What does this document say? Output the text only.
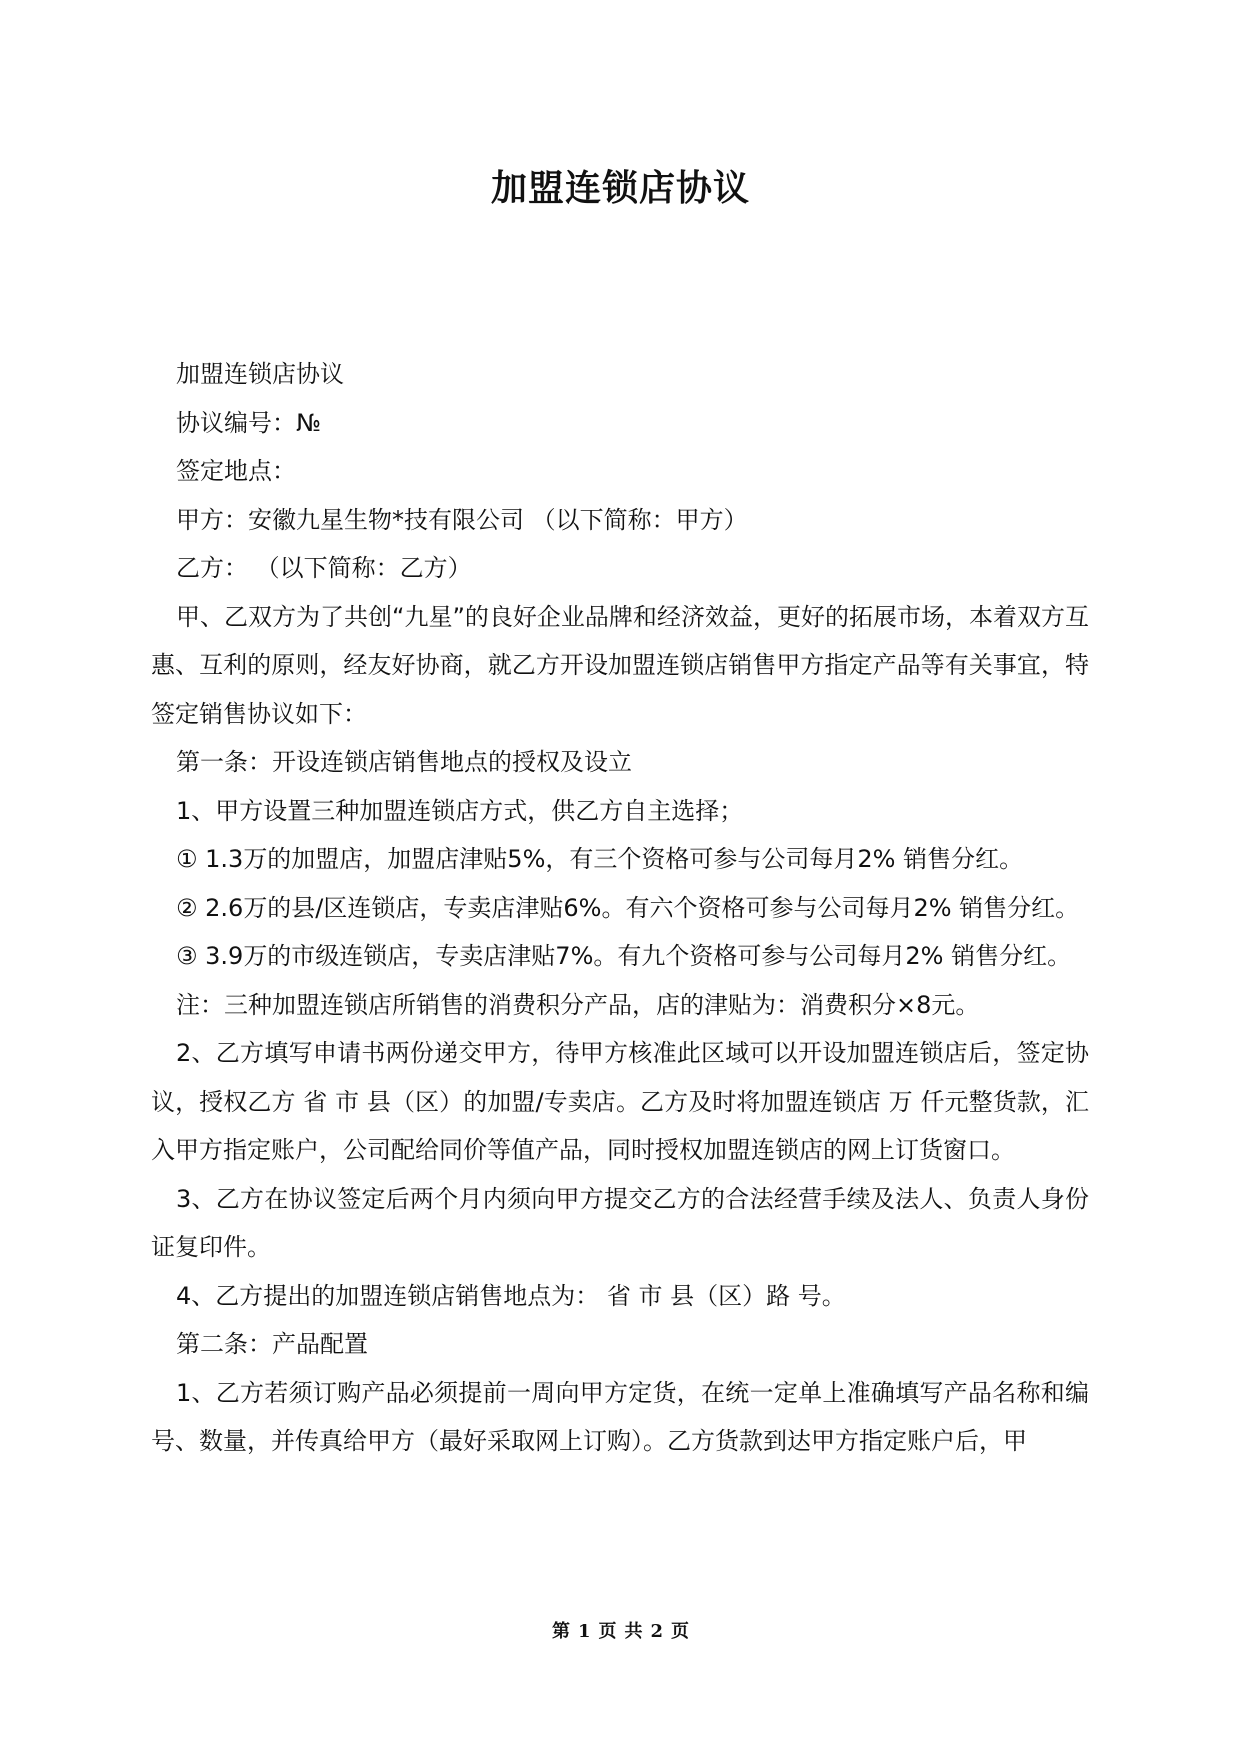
加盟连锁店协议

加盟连锁店协议

协议编号：№

签定地点：

甲方：安徽九星生物*技有限公司 （以下简称：甲方）

乙方： （以下简称：乙方）

甲、乙双方为了共创“九星”的良好企业品牌和经济效益，更好的拓展市场，本着双方互惠、互利的原则，经友好协商，就乙方开设加盟连锁店销售甲方指定产品等有关事宜，特签定销售协议如下：

第一条：开设连锁店销售地点的授权及设立

1、甲方设置三种加盟连锁店方式，供乙方自主选择；

① 1.3万的加盟店，加盟店津贴5%，有三个资格可参与公司每月2% 销售分红。

② 2.6万的县/区连锁店，专卖店津贴6%。有六个资格可参与公司每月2% 销售分红。

③ 3.9万的市级连锁店，专卖店津贴7%。有九个资格可参与公司每月2% 销售分红。

注：三种加盟连锁店所销售的消费积分产品，店的津贴为：消费积分×8元。

2、乙方填写申请书两份递交甲方，待甲方核准此区域可以开设加盟连锁店后，签定协议，授权乙方 省 市 县（区）的加盟/专卖店。乙方及时将加盟连锁店 万 仟元整货款，汇入甲方指定账户，公司配给同价等值产品，同时授权加盟连锁店的网上订货窗口。

3、乙方在协议签定后两个月内须向甲方提交乙方的合法经营手续及法人、负责人身份证复印件。

4、乙方提出的加盟连锁店销售地点为： 省 市 县（区）路 号。

第二条：产品配置

1、乙方若须订购产品必须提前一周向甲方定货，在统一定单上准确填写产品名称和编号、数量，并传真给甲方（最好采取网上订购）。乙方货款到达甲方指定账户后，甲

第 1 页 共 2 页
